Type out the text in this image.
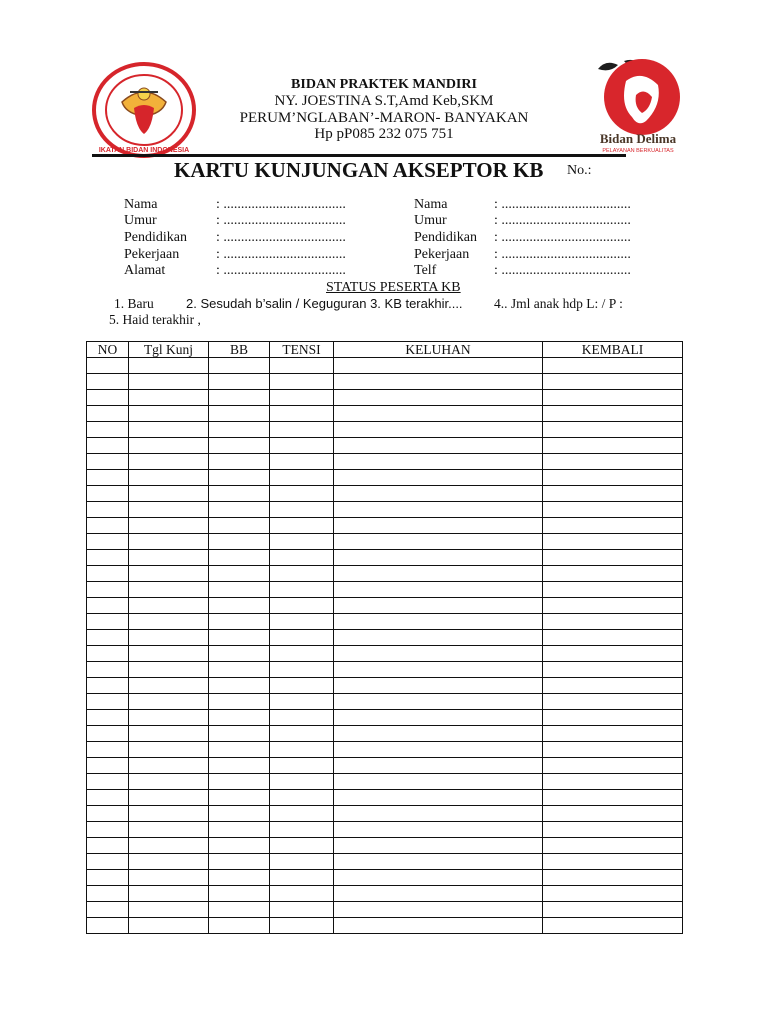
IKATAN BIDAN INDONESIA
Bidan Delima
PELAYANAN BERKUALITAS
BIDAN PRAKTEK MANDIRI
NY. JOESTINA S.T,Amd Keb,SKM
PERUM’NGLABAN’-MARON- BANYAKAN
Hp pP085 232 075 751
KARTU KUNJUNGAN AKSEPTOR KB No.:
Nama	: ...................................
Umur	: ...................................
Pendidikan : ...................................
Pekerjaan	: ...................................
Alamat	: ...................................
Nama	: .....................................
Umur	: .....................................
Pendidikan : .....................................
Pekerjaan : .....................................
Telf	: .....................................
STATUS PESERTA KB
1. Baru 2. Sesudah b’salin / Keguguran 3. KB terakhir.... 4.. Jml anak hdp L: / P :
5. Haid terakhir ,
NO	Tgl Kunj	BB	TENSI	KELUHAN	KEMBALI
